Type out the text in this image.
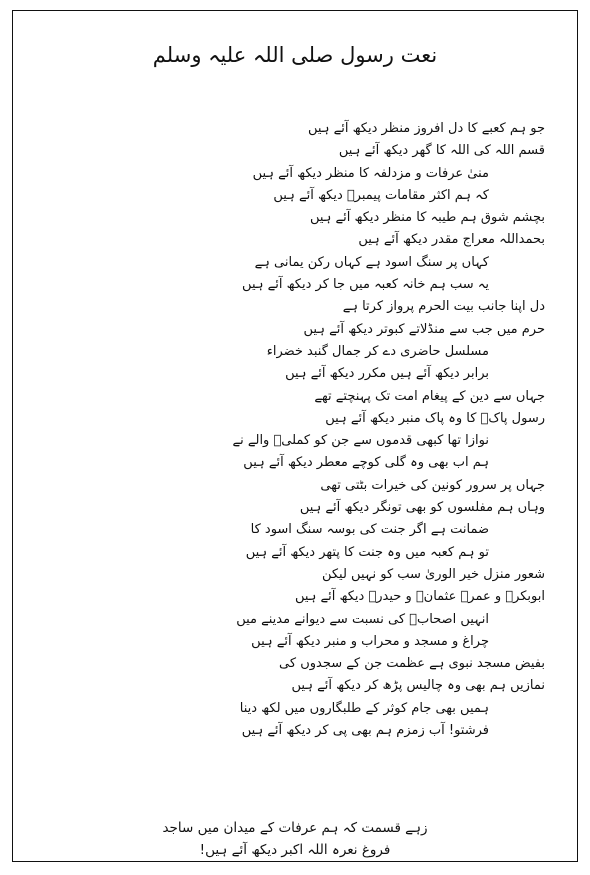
نعت رسول صلی اللہ علیہ وسلم
جو ہم کعبے کا دل افروز منظر دیکھ آئے ہیں
قسم اللہ کی اللہ کا گھر دیکھ آئے ہیں
منیٰ عرفات و مزدلفہ کا منظر دیکھ آئے ہیں
کہ ہم اکثر مقامات پیمبرؐ دیکھ آئے ہیں
بچشم شوق ہم طیبہ کا منظر دیکھ آئے ہیں
بحمداللہ معراج مقدر دیکھ آئے ہیں
کہاں پر سنگ اسود ہے کہاں رکن یمانی ہے
یہ سب ہم خانہ کعبہ میں جا کر دیکھ آئے ہیں
دل اپنا جانب بیت الحرم پرواز کرتا ہے
حرم میں جب سے منڈلاتے کبوتر دیکھ آئے ہیں
مسلسل حاضری دے کر جمال گنبد خضراء
برابر دیکھ آئے ہیں مکرر دیکھ آئے ہیں
جہاں سے دین کے پیغام امت تک پہنچتے تھے
رسول پاکؐ کا وہ پاک منبر دیکھ آئے ہیں
نوازا تھا کبھی قدموں سے جن کو کملیؐ والے نے
ہم اب بھی وہ گلی کوچے معطر دیکھ آئے ہیں
جہاں پر سرور کونین کی خیرات بٹتی تھی
وہاں ہم مفلسوں کو بھی تونگر دیکھ آئے ہیں
ضمانت ہے اگر جنت کی بوسہ سنگ اسود کا
تو ہم کعبہ میں وہ جنت کا پتھر دیکھ آئے ہیں
شعور منزل خیر الوریٰ سب کو نہیں لیکن
ابوبکرؓ و عمرؓ عثمانؓ و حیدرؓ دیکھ آئے ہیں
انہیں اصحابؓ کی نسبت سے دیوانے مدینے میں
چراغ و مسجد و محراب و منبر دیکھ آئے ہیں
بفیض مسجد نبوی ہے عظمت جن کے سجدوں کی
نمازیں ہم بھی وہ چالیس پڑھ کر دیکھ آئے ہیں
ہمیں بھی جام کوثر کے طلبگاروں میں لکھ دینا
فرشتو! آب زمزم ہم بھی پی کر دیکھ آئے ہیں
زہے قسمت کہ ہم عرفات کے میدان میں ساجد
فروغ نعرہ اللہ اکبر دیکھ آئے ہیں!
